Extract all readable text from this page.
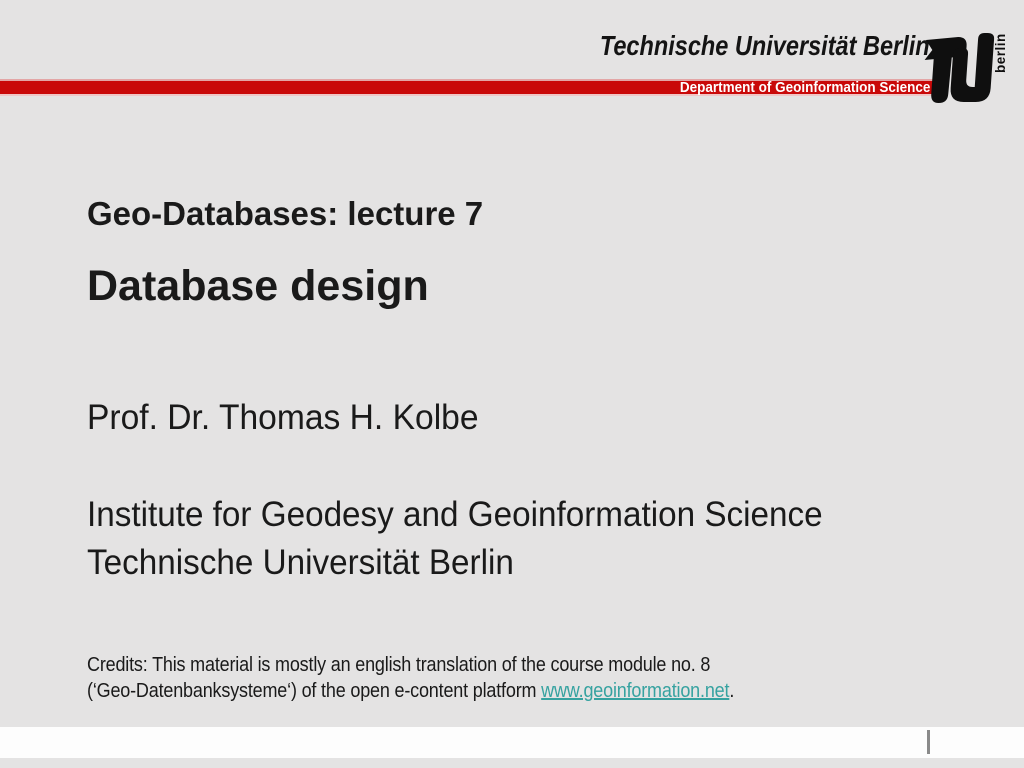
Technische Universität Berlin
Department of Geoinformation Science
berlin
Geo-Databases: lecture 7
Database design
Prof. Dr. Thomas H. Kolbe
Institute for Geodesy and Geoinformation Science
Technische Universität Berlin
Credits: This material is mostly an english translation of the course module no. 8
(‘Geo-Datenbanksysteme‘) of the open e-content platform www.geoinformation.net.
